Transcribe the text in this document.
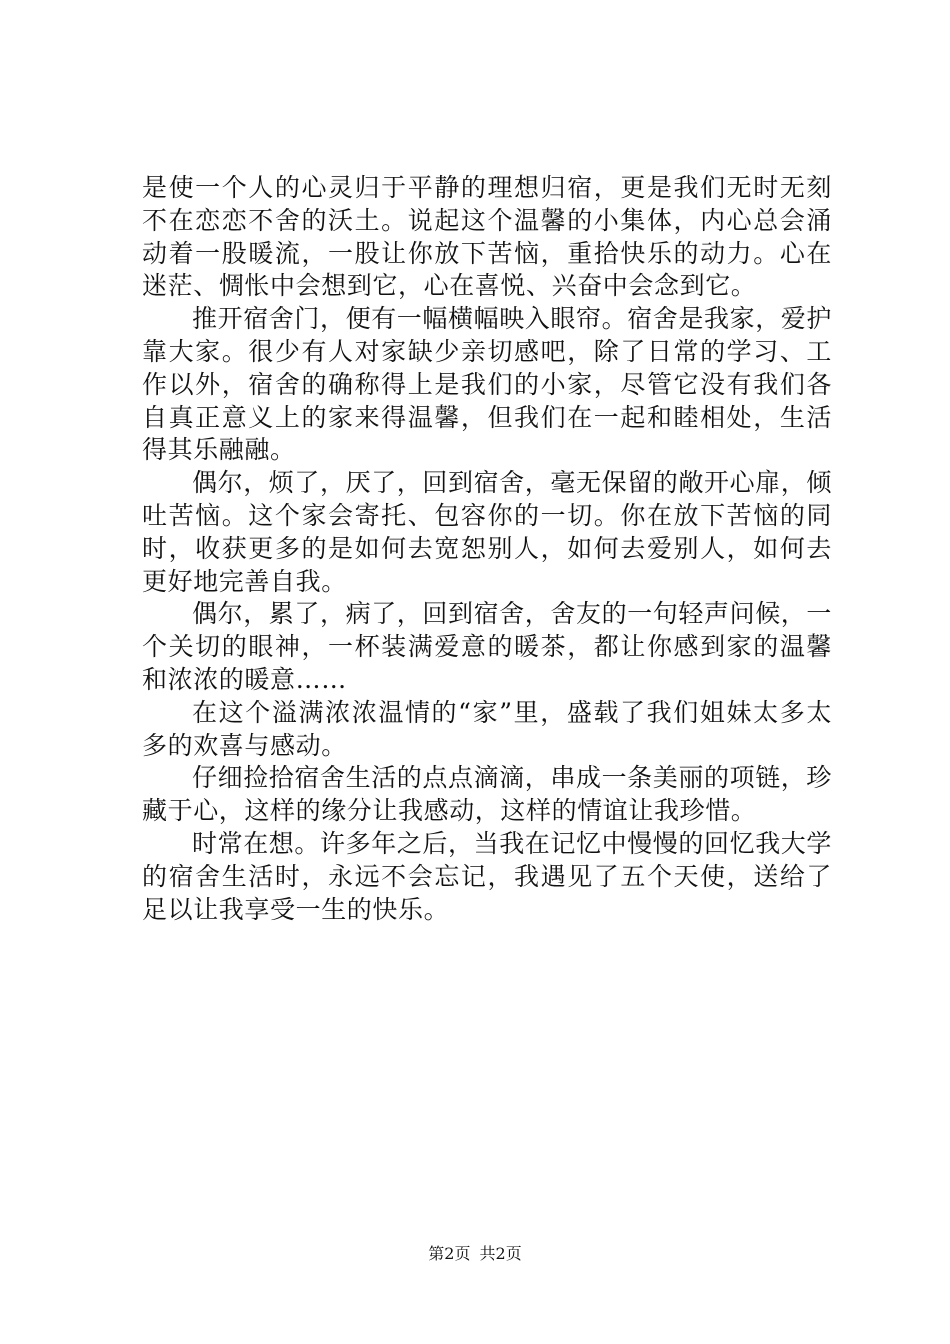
是使一个人的心灵归于平静的理想归宿，更是我们无时无刻不在恋恋不舍的沃土。说起这个温馨的小集体，内心总会涌动着一股暖流，一股让你放下苦恼，重拾快乐的动力。心在迷茫、惆怅中会想到它，心在喜悦、兴奋中会念到它。

推开宿舍门，便有一幅横幅映入眼帘。宿舍是我家，爱护靠大家。很少有人对家缺少亲切感吧，除了日常的学习、工作以外，宿舍的确称得上是我们的小家，尽管它没有我们各自真正意义上的家来得温馨，但我们在一起和睦相处，生活得其乐融融。

偶尔，烦了，厌了，回到宿舍，毫无保留的敞开心扉，倾吐苦恼。这个家会寄托、包容你的一切。你在放下苦恼的同时，收获更多的是如何去宽恕别人，如何去爱别人，如何去更好地完善自我。

偶尔，累了，病了，回到宿舍，舍友的一句轻声问候，一个关切的眼神，一杯装满爱意的暖茶，都让你感到家的温馨和浓浓的暖意……

在这个溢满浓浓温情的“家”里，盛载了我们姐妹太多太多的欢喜与感动。

仔细捡拾宿舍生活的点点滴滴，串成一条美丽的项链，珍藏于心，这样的缘分让我感动，这样的情谊让我珍惜。

时常在想。许多年之后，当我在记忆中慢慢的回忆我大学的宿舍生活时，永远不会忘记，我遇见了五个天使，送给了足以让我享受一生的快乐。

第2页 共2页
